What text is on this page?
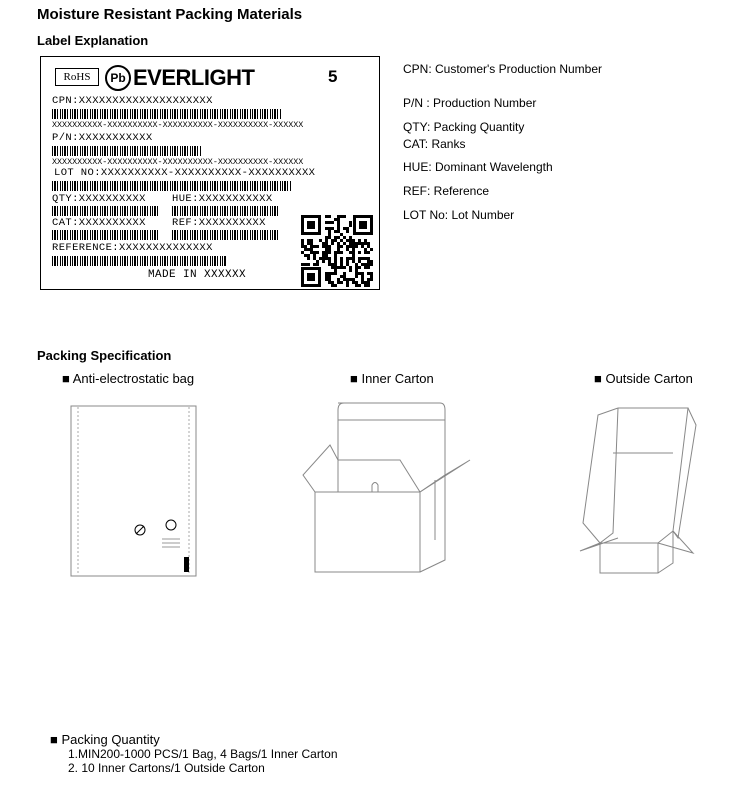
Moisture Resistant Packing Materials
Label Explanation
RoHS	Pb EVERLIGHT	5
CPN:XXXXXXXXXXXXXXXXXXXX
XXXXXXXXXX-XXXXXXXXXX-XXXXXXXXXX-XXXXXXXXXX-XXXXXX
P/N:XXXXXXXXXXX
XXXXXXXXXX-XXXXXXXXXX-XXXXXXXXXX-XXXXXXXXXX-XXXXXX
LOT NO:XXXXXXXXXX-XXXXXXXXXX-XXXXXXXXXX
QTY:XXXXXXXXXX HUE:XXXXXXXXXXX
CAT:XXXXXXXXXX REF:XXXXXXXXXX
REFERENCE:XXXXXXXXXXXXXX
MADE IN XXXXXX
CPN: Customer's Production Number
P/N : Production Number
QTY: Packing Quantity
CAT: Ranks
HUE: Dominant Wavelength
REF: Reference
LOT No: Lot Number
Packing Specification
■ Anti-electrostatic bag	■ Inner Carton	■ Outside Carton
■ Packing Quantity
1.MIN200-1000 PCS/1 Bag, 4 Bags/1 Inner Carton
2. 10 Inner Cartons/1 Outside Carton
